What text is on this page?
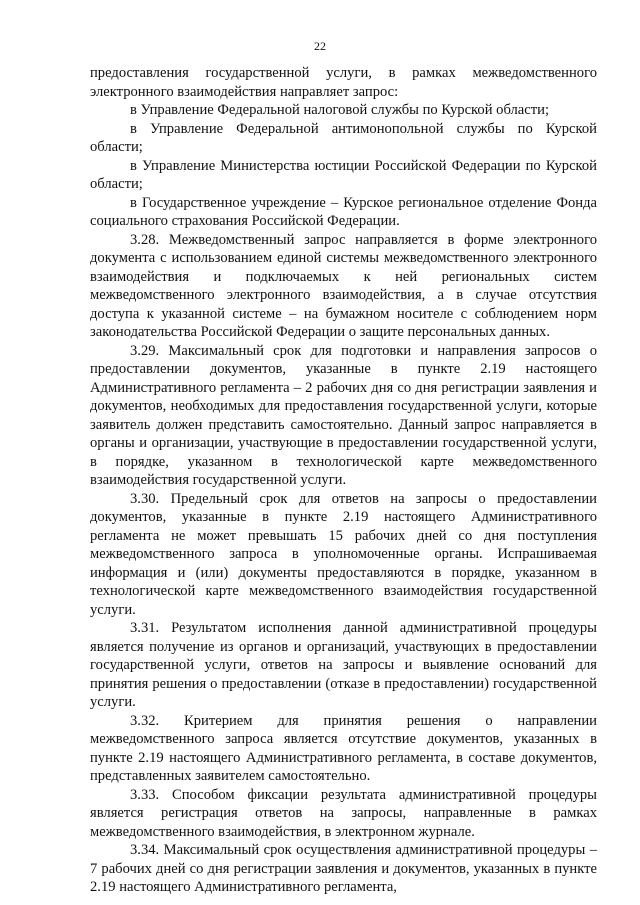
22

предоставления государственной услуги, в рамках межведомственного электронного взаимодействия направляет запрос:

в Управление Федеральной налоговой службы по Курской области;

в Управление Федеральной антимонопольной службы по Курской области;

в Управление Министерства юстиции Российской Федерации по Курской области;

в Государственное учреждение – Курское региональное отделение Фонда социального страхования Российской Федерации.

3.28. Межведомственный запрос направляется в форме электронного документа с использованием единой системы межведомственного электронного взаимодействия и подключаемых к ней региональных систем межведомственного электронного взаимодействия, а в случае отсутствия доступа к указанной системе – на бумажном носителе с соблюдением норм законодательства Российской Федерации о защите персональных данных.

3.29. Максимальный срок для подготовки и направления запросов о предоставлении документов, указанные в пункте 2.19 настоящего Административного регламента – 2 рабочих дня со дня регистрации заявления и документов, необходимых для предоставления государственной услуги, которые заявитель должен представить самостоятельно. Данный запрос направляется в органы и организации, участвующие в предоставлении государственной услуги, в порядке, указанном в технологической карте межведомственного взаимодействия государственной услуги.

3.30. Предельный срок для ответов на запросы о предоставлении документов, указанные в пункте 2.19 настоящего Административного регламента не может превышать 15 рабочих дней со дня поступления межведомственного запроса в уполномоченные органы. Испрашиваемая информация и (или) документы предоставляются в порядке, указанном в технологической карте межведомственного взаимодействия государственной услуги.

3.31. Результатом исполнения данной административной процедуры является получение из органов и организаций, участвующих в предоставлении государственной услуги, ответов на запросы и выявление оснований для принятия решения о предоставлении (отказе в предоставлении) государственной услуги.

3.32. Критерием для принятия решения о направлении межведомственного запроса является отсутствие документов, указанных в пункте 2.19 настоящего Административного регламента, в составе документов, представленных заявителем самостоятельно.

3.33. Способом фиксации результата административной процедуры является регистрация ответов на запросы, направленные в рамках межведомственного взаимодействия, в электронном журнале.

3.34. Максимальный срок осуществления административной процедуры – 7 рабочих дней со дня регистрации заявления и документов, указанных в пункте 2.19 настоящего Административного регламента,
